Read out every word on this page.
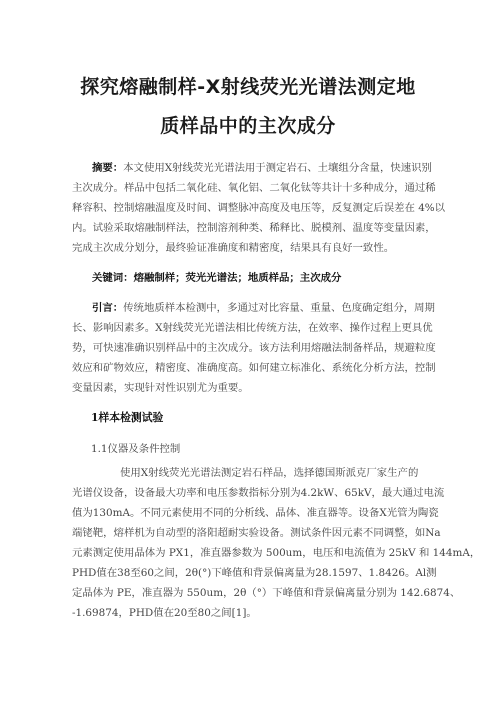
探究熔融制样-X射线荧光光谱法测定地
质样品中的主次成分
摘要：本文使用X射线荧光光谱法用于测定岩石、土壤组分含量，快速识别
主次成分。样品中包括二氧化硅、氧化铝、二氧化钛等共计十多种成分，通过稀
释容积、控制熔融温度及时间、调整脉冲高度及电压等，反复测定后误差在 4%以
内。试验采取熔融制样法，控制溶剂种类、稀释比、脱模剂、温度等变量因素，
完成主次成分划分，最终验证准确度和精密度，结果具有良好一致性。
关键词：熔融制样；荧光光谱法；地质样品；主次成分
引言：传统地质样本检测中，多通过对比容量、重量、色度确定组分，周期
长、影响因素多。X射线荧光光谱法相比传统方法，在效率、操作过程上更具优
势，可快速准确识别样品中的主次成分。该方法利用熔融法制备样品，规避粒度
效应和矿物效应，精密度、准确度高。如何建立标准化、系统化分析方法，控制
变量因素，实现针对性识别尤为重要。
1样本检测试验
1.1仪器及条件控制
使用X射线荧光光谱法测定岩石样品，选择德国斯派克厂家生产的
光谱仪设备，设备最大功率和电压参数指标分别为4.2kW、65kV，最大通过电流
值为130mA。不同元素使用不同的分析线、晶体、准直器等。设备X光管为陶瓷
端铑靶，熔样机为自动型的洛阳超耐实验设备。测试条件因元素不同调整，如Na
元素测定使用晶体为 PX1，准直器参数为 500um，电压和电流值为 25kV 和 144mA，
PHD值在38至60之间，2θ(°)下峰值和背景偏离量为28.1597、1.8426。Al测
定晶体为 PE，准直器为 550um，2θ（°）下峰值和背景偏离量分别为 142.6874、
-1.69874，PHD值在20至80之间[1]。
